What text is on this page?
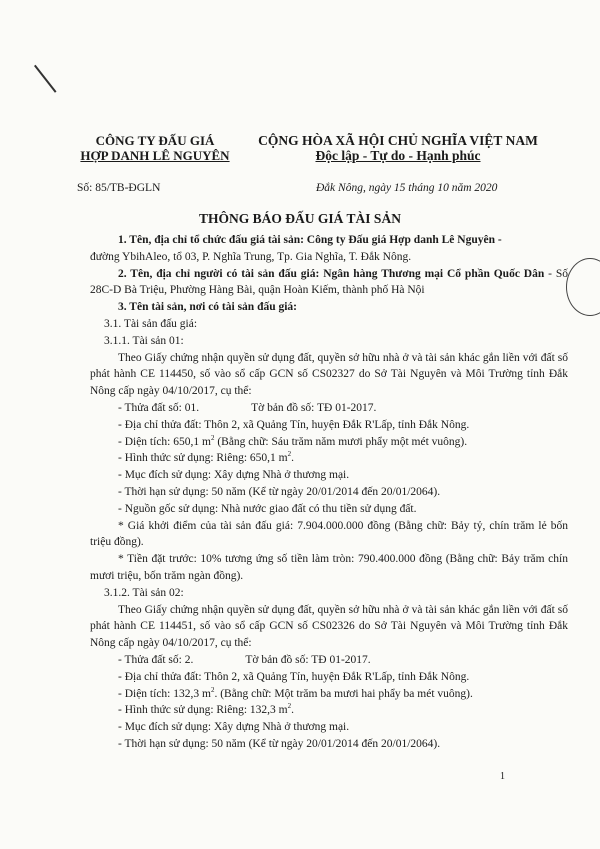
CÔNG TY ĐẤU GIÁ
HỢP DANH LÊ NGUYÊN
CỘNG HÒA XÃ HỘI CHỦ NGHĨA VIỆT NAM
Độc lập - Tự do - Hạnh phúc
Số: 85/TB-ĐGLN	Đắk Nông, ngày 15 tháng 10 năm 2020
THÔNG BÁO ĐẤU GIÁ TÀI SẢN

1. Tên, địa chỉ tổ chức đấu giá tài sản: Công ty Đấu giá Hợp danh Lê Nguyên -

đường YbihAleo, tổ 03, P. Nghĩa Trung, Tp. Gia Nghĩa, T. Đắk Nông.

2. Tên, địa chỉ người có tài sản đấu giá: Ngân hàng Thương mại Cổ phần Quốc Dân - Số 28C-D Bà Triệu, Phường Hàng Bài, quận Hoàn Kiếm, thành phố Hà Nội

3. Tên tài sản, nơi có tài sản đấu giá:

3.1. Tài sản đấu giá:

3.1.1. Tài sản 01:

Theo Giấy chứng nhận quyền sử dụng đất, quyền sở hữu nhà ở và tài sản khác gắn liền với đất số phát hành CE 114450, số vào sổ cấp GCN số CS02327 do Sở Tài Nguyên và Môi Trường tỉnh Đắk Nông cấp ngày 04/10/2017, cụ thể:

- Thửa đất số: 01.	Tờ bản đồ số: TĐ 01-2017.

- Địa chỉ thửa đất: Thôn 2, xã Quảng Tín, huyện Đắk R'Lấp, tỉnh Đắk Nông.

- Diện tích: 650,1 $m^2$ (Bằng chữ: Sáu trăm năm mươi phẩy một mét vuông).

- Hình thức sử dụng: Riêng: 650,1 $m^2$.

- Mục đích sử dụng: Xây dựng Nhà ở thương mại.

- Thời hạn sử dụng: 50 năm (Kể từ ngày 20/01/2014 đến 20/01/2064).

- Nguồn gốc sử dụng: Nhà nước giao đất có thu tiền sử dụng đất.

* Giá khởi điểm của tài sản đấu giá: 7.904.000.000 đồng (Bằng chữ: Bảy tỷ, chín trăm lẻ bốn triệu đồng).

* Tiền đặt trước: 10% tương ứng số tiền làm tròn: 790.400.000 đồng (Bằng chữ: Bảy trăm chín mươi triệu, bốn trăm ngàn đồng).

3.1.2. Tài sản 02:

Theo Giấy chứng nhận quyền sử dụng đất, quyền sở hữu nhà ở và tài sản khác gắn liền với đất số phát hành CE 114451, số vào sổ cấp GCN số CS02326 do Sở Tài Nguyên và Môi Trường tỉnh Đắk Nông cấp ngày 04/10/2017, cụ thể:

- Thửa đất số: 2.	Tờ bản đồ số: TĐ 01-2017.

- Địa chỉ thửa đất: Thôn 2, xã Quảng Tín, huyện Đắk R'Lấp, tỉnh Đắk Nông.

- Diện tích: 132,3 $m^2$. (Bằng chữ: Một trăm ba mươi hai phẩy ba mét vuông).

- Hình thức sử dụng: Riêng: 132,3 $m^2$.

- Mục đích sử dụng: Xây dựng Nhà ở thương mại.

- Thời hạn sử dụng: 50 năm (Kể từ ngày 20/01/2014 đến 20/01/2064).

1
